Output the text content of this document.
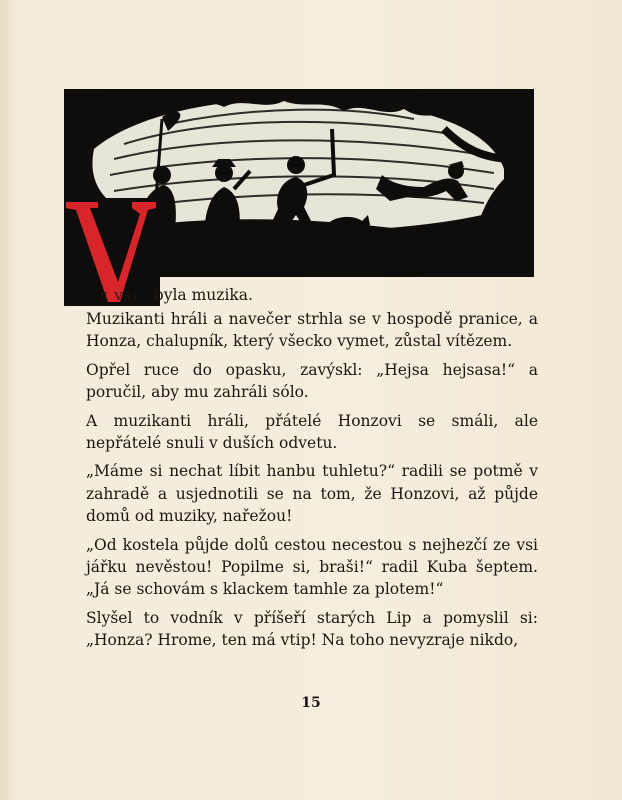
E VSI byla muzika.

Muzikanti hráli a navečer strhla se v hospodě pranice, a Honza, chalupník, který všecko vymet, zůstal vítězem.

Opřel ruce do opasku, zavýskl: „Hejsa hejsasa!“ a poručil, aby mu zahráli sólo.

A muzikanti hráli, přátelé Honzovi se smáli, ale nepřátelé snuli v duších odvetu.

„Máme si nechat líbit hanbu tuhletu?“ radili se potmě v zahradě a usjednotili se na tom, že Honzovi, až půjde domů od muziky, nařežou!

„Od kostela půjde dolů cestou necestou s nejhezčí ze vsi jářku nevěstou! Popilme si, braši!“ radil Kuba šeptem. „Já se schovám s klackem tamhle za plotem!“

Slyšel to vodník v příšeří starých Lip a pomyslil si: „Honza? Hrome, ten má vtip! Na toho nevyzraje nikdo,

15
